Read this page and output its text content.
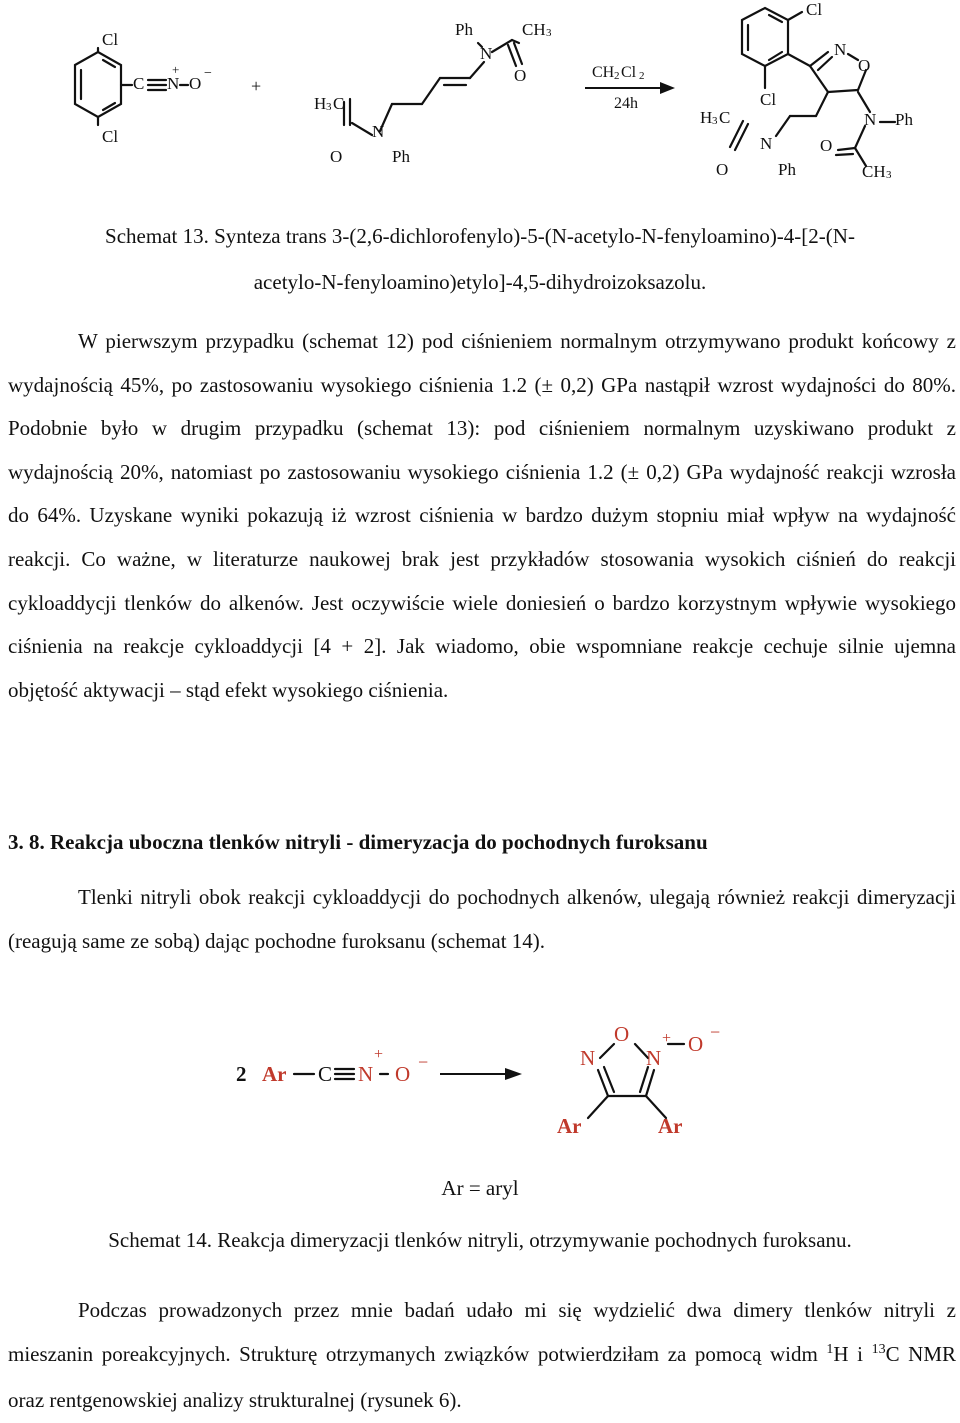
Cl
Cl
C N
+
O
−
+
H 3 C
N
O	Ph
Ph	CH 3
N
O	CH 2 Cl 2
24h
Cl
Cl
N
O
H 3 C
N
O	Ph
N Ph
O
CH 3
Schemat 13. Synteza trans 3-(2,6-dichlorofenylo)-5-(N-acetylo-N-fenyloamino)-4-[2-(N-
acetylo-N-fenyloamino)etylo]-4,5-dihydroizoksazolu.

W pierwszym przypadku (schemat 12) pod ciśnieniem normalnym otrzymywano produkt końcowy z wydajnością 45%, po zastosowaniu wysokiego ciśnienia 1.2 (± 0,2) GPa nastąpił wzrost wydajności do 80%. Podobnie było w drugim przypadku (schemat 13): pod ciśnieniem normalnym uzyskiwano produkt z wydajnością 20%, natomiast po zastosowaniu wysokiego ciśnienia 1.2 (± 0,2) GPa wydajność reakcji wzrosła do 64%. Uzyskane wyniki pokazują iż wzrost ciśnienia w bardzo dużym stopniu miał wpływ na wydajność reakcji. Co ważne, w literaturze naukowej brak jest przykładów stosowania wysokich ciśnień do reakcji cykloaddycji tlenków do alkenów. Jest oczywiście wiele doniesień o bardzo korzystnym wpływie wysokiego ciśnienia na reakcje cykloaddycji [4 + 2]. Jak wiadomo, obie wspomniane reakcje cechuje silnie ujemna objętość aktywacji – stąd efekt wysokiego ciśnienia.

3. 8. Reakcja uboczna tlenków nitryli - dimeryzacja do pochodnych furoksanu

Tlenki nitryli obok reakcji cykloaddycji do pochodnych alkenów, ulegają również reakcji dimeryzacji (reagują same ze sobą) dając pochodne furoksanu (schemat 14).

2 Ar C N
+
O −	N
O
N
+ O −
Ar	Ar
Ar = aryl
Schemat 14. Reakcja dimeryzacji tlenków nitryli, otrzymywanie pochodnych furoksanu.

Podczas prowadzonych przez mnie badań udało mi się wydzielić dwa dimery tlenków nitryli z mieszanin poreakcyjnych. Strukturę otrzymanych związków potwierdziłam za pomocą widm $^1$H i $^{13}$C NMR oraz rentgenowskiej analizy strukturalnej (rysunek 6).
